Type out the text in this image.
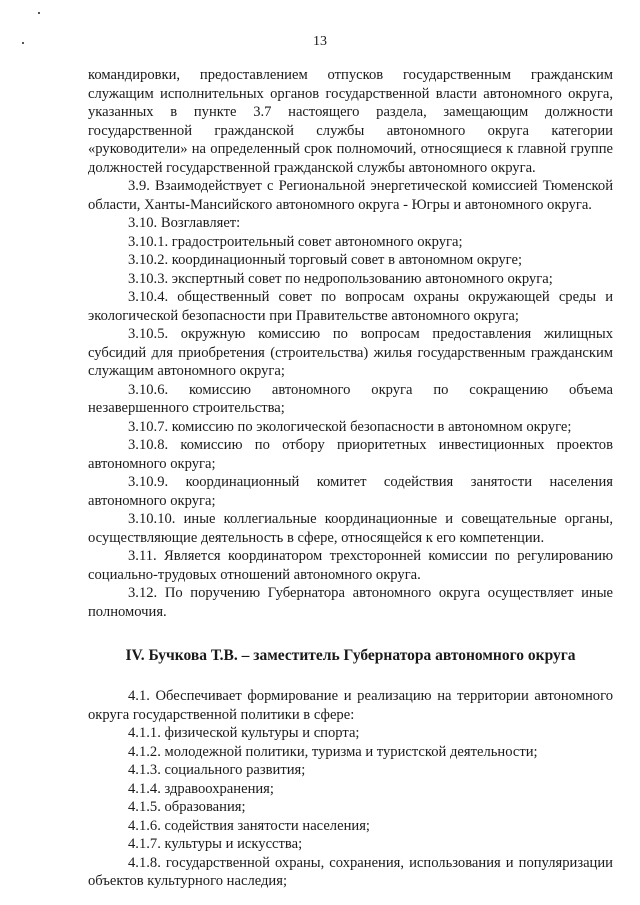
13

командировки, предоставлением отпусков государственным гражданским служащим исполнительных органов государственной власти автономного округа, указанных в пункте 3.7 настоящего раздела, замещающим должности государственной гражданской службы автономного округа категории «руководители» на определенный срок полномочий, относящиеся к главной группе должностей государственной гражданской службы автономного округа.

3.9. Взаимодействует с Региональной энергетической комиссией Тюменской области, Ханты-Мансийского автономного округа - Югры и автономного округа.

3.10. Возглавляет:

3.10.1. градостроительный совет автономного округа;

3.10.2. координационный торговый совет в автономном округе;

3.10.3. экспертный совет по недропользованию автономного округа;

3.10.4. общественный совет по вопросам охраны окружающей среды и экологической безопасности при Правительстве автономного округа;

3.10.5. окружную комиссию по вопросам предоставления жилищных субсидий для приобретения (строительства) жилья государственным гражданским служащим автономного округа;

3.10.6. комиссию автономного округа по сокращению объема незавершенного строительства;

3.10.7. комиссию по экологической безопасности в автономном округе;

3.10.8. комиссию по отбору приоритетных инвестиционных проектов автономного округа;

3.10.9. координационный комитет содействия занятости населения автономного округа;

3.10.10. иные коллегиальные координационные и совещательные органы, осуществляющие деятельность в сфере, относящейся к его компетенции.

3.11. Является координатором трехсторонней комиссии по регулированию социально-трудовых отношений автономного округа.

3.12. По поручению Губернатора автономного округа осуществляет иные полномочия.

IV. Бучкова Т.В. – заместитель Губернатора автономного округа

4.1. Обеспечивает формирование и реализацию на территории автономного округа государственной политики в сфере:

4.1.1. физической культуры и спорта;

4.1.2. молодежной политики, туризма и туристской деятельности;

4.1.3. социального развития;

4.1.4. здравоохранения;

4.1.5. образования;

4.1.6. содействия занятости населения;

4.1.7. культуры и искусства;

4.1.8. государственной охраны, сохранения, использования и популяризации объектов культурного наследия;
